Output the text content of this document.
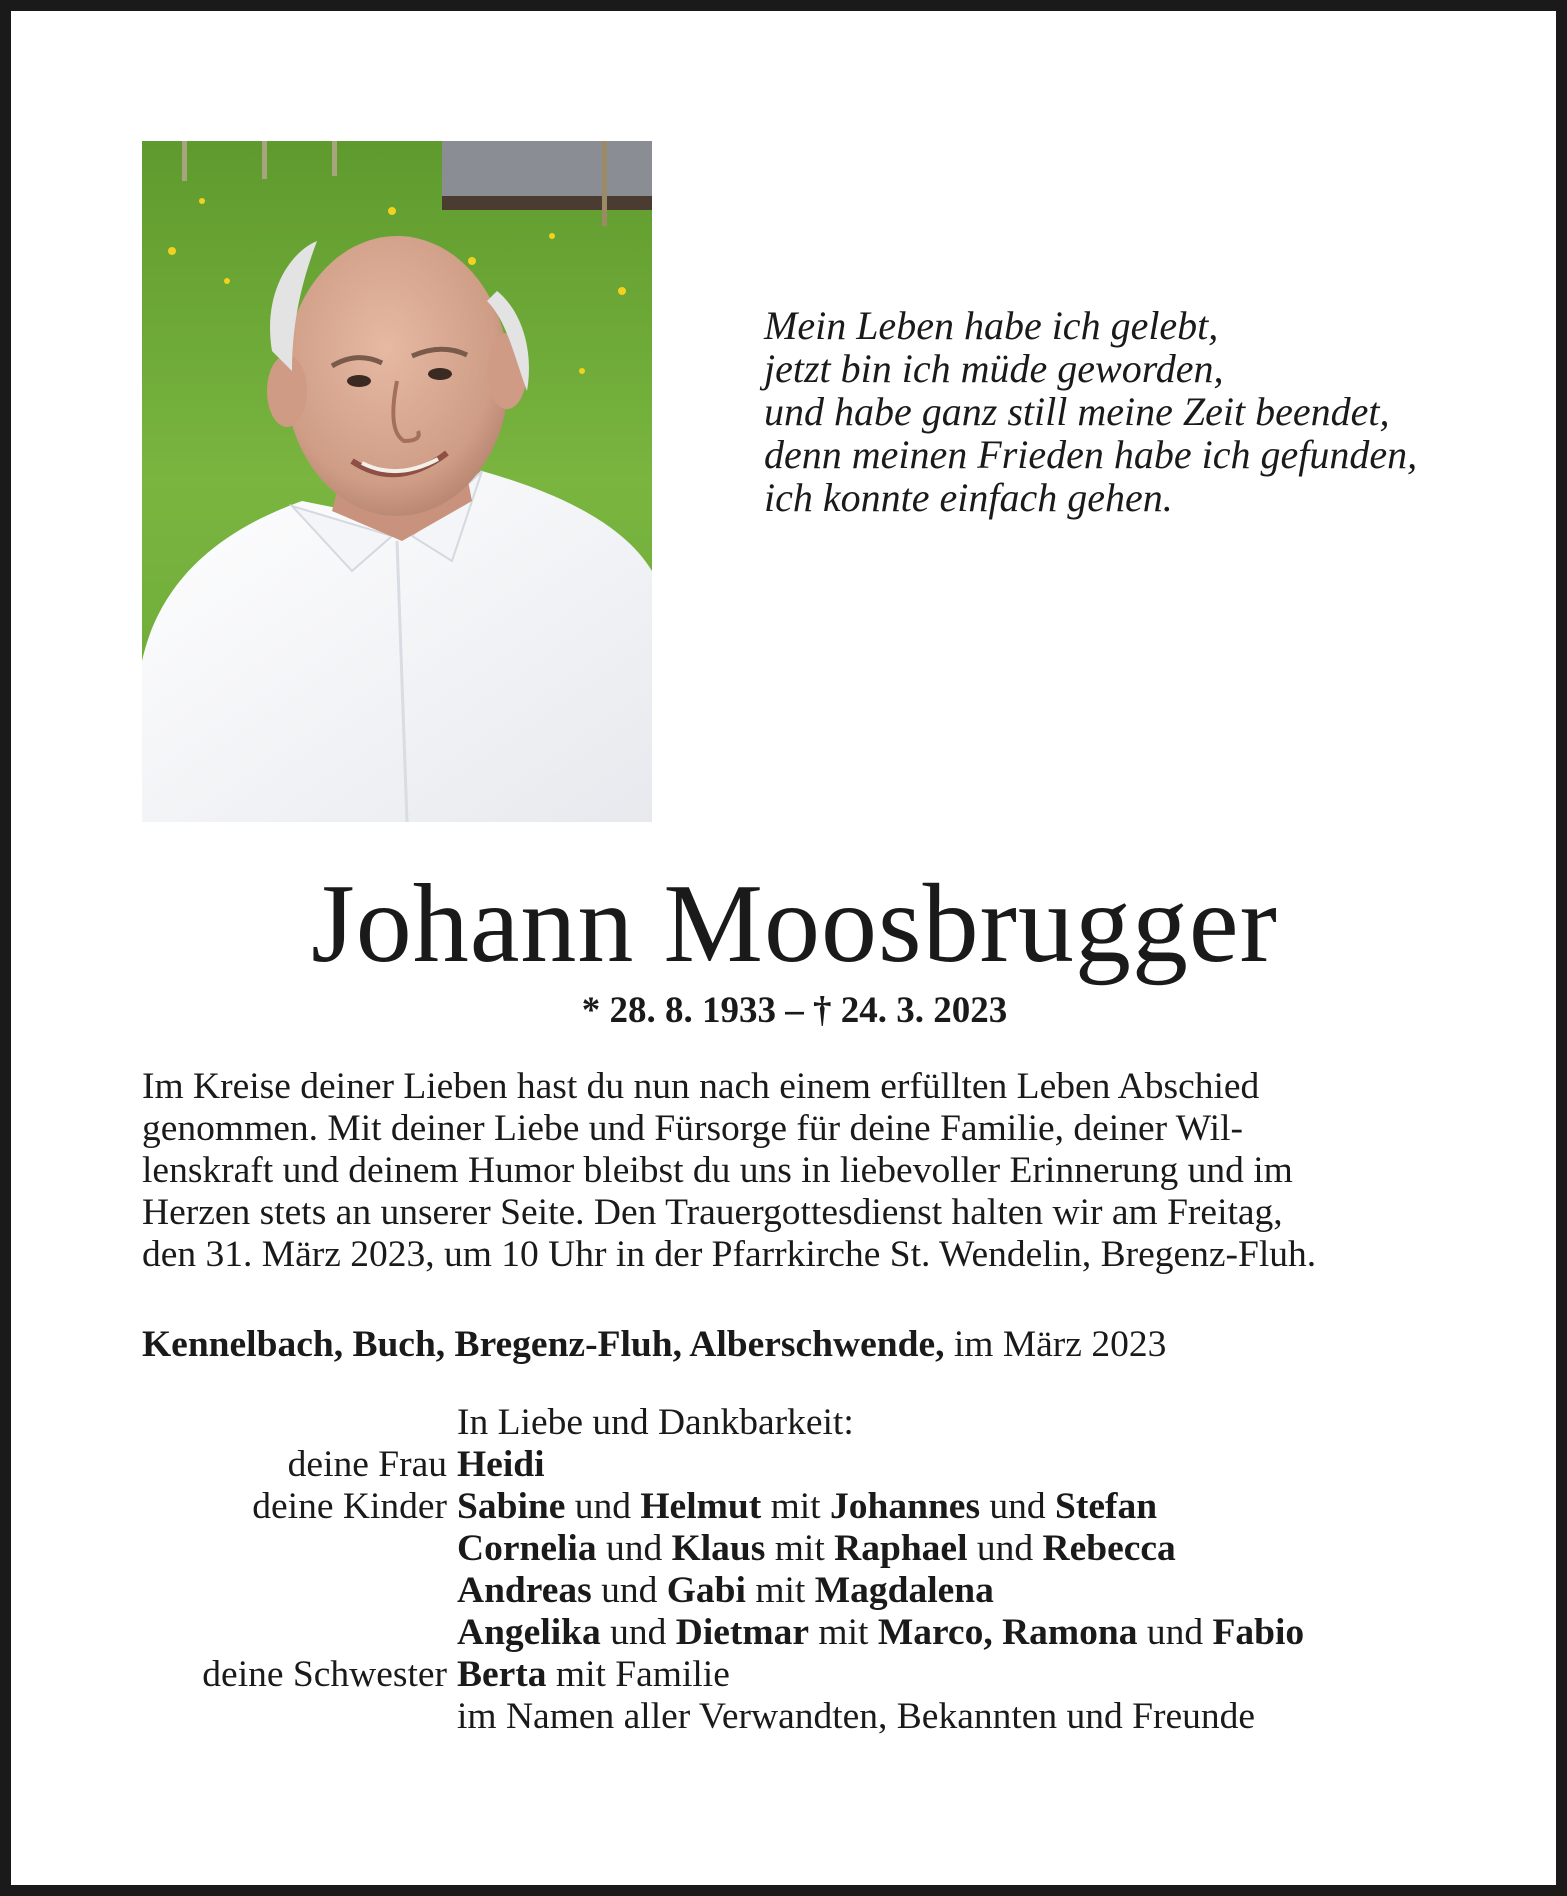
Mein Leben habe ich gelebt,
jetzt bin ich müde geworden,
und habe ganz still meine Zeit beendet,
denn meinen Frieden habe ich gefunden,
ich konnte einfach gehen.
Johann Moosbrugger
* 28. 8. 1933 – † 24. 3. 2023
Im Kreise deiner Lieben hast du nun nach einem erfüllten Leben Abschied
genommen. Mit deiner Liebe und Fürsorge für deine Familie, deiner Wil-
lenskraft und deinem Humor bleibst du uns in liebevoller Erinnerung und im
Herzen stets an unserer Seite. Den Trauergottesdienst halten wir am Freitag,
den 31. März 2023, um 10 Uhr in der Pfarrkirche St. Wendelin, Bregenz-Fluh.
Kennelbach, Buch, Bregenz-Fluh, Alberschwende, im März 2023
In Liebe und Dankbarkeit:
deine Frau Heidi
deine Kinder Sabine und Helmut mit Johannes und Stefan
Cornelia und Klaus mit Raphael und Rebecca
Andreas und Gabi mit Magdalena
Angelika und Dietmar mit Marco, Ramona und Fabio
deine Schwester Berta mit Familie
im Namen aller Verwandten, Bekannten und Freunde
